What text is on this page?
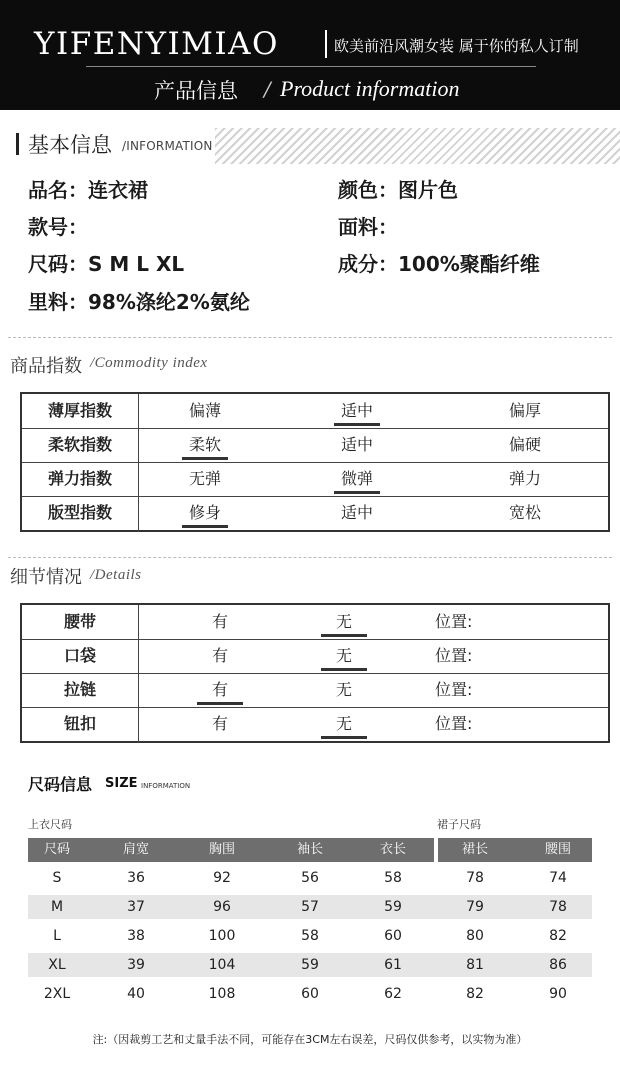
YIFENYIMIAO	欧美前沿风潮女装 属于你的私人订制
产品信息 / Product information
基本信息 /INFORMATION
品名：连衣裙
款号：
尺码：S M L XL
里料：98%涤纶2%氨纶
颜色：图片色
面料：
成分：100%聚酯纤维
商品指数 /Commodity index
薄厚指数	偏薄	适中	偏厚
柔软指数	柔软	适中	偏硬
弹力指数	无弹	微弹	弹力
版型指数	修身	适中	宽松
细节情况 /Details
腰带	有	无	位置:
口袋	有	无	位置:
拉链	有	无	位置:
钮扣	有	无	位置:
尺码信息 SIZE INFORMATION
上衣尺码	裙子尺码
尺码	肩宽	胸围	袖长	衣长	裙长	腰围
S	36	92	56	58	78	74
M	37	96	57	59	79	78
L	38	100	58	60	80	82
XL	39	104	59	61	81	86
2XL	40	108	60	62	82	90
注:（因裁剪工艺和丈量手法不同，可能存在3CM左右误差，尺码仅供参考，以实物为准）
